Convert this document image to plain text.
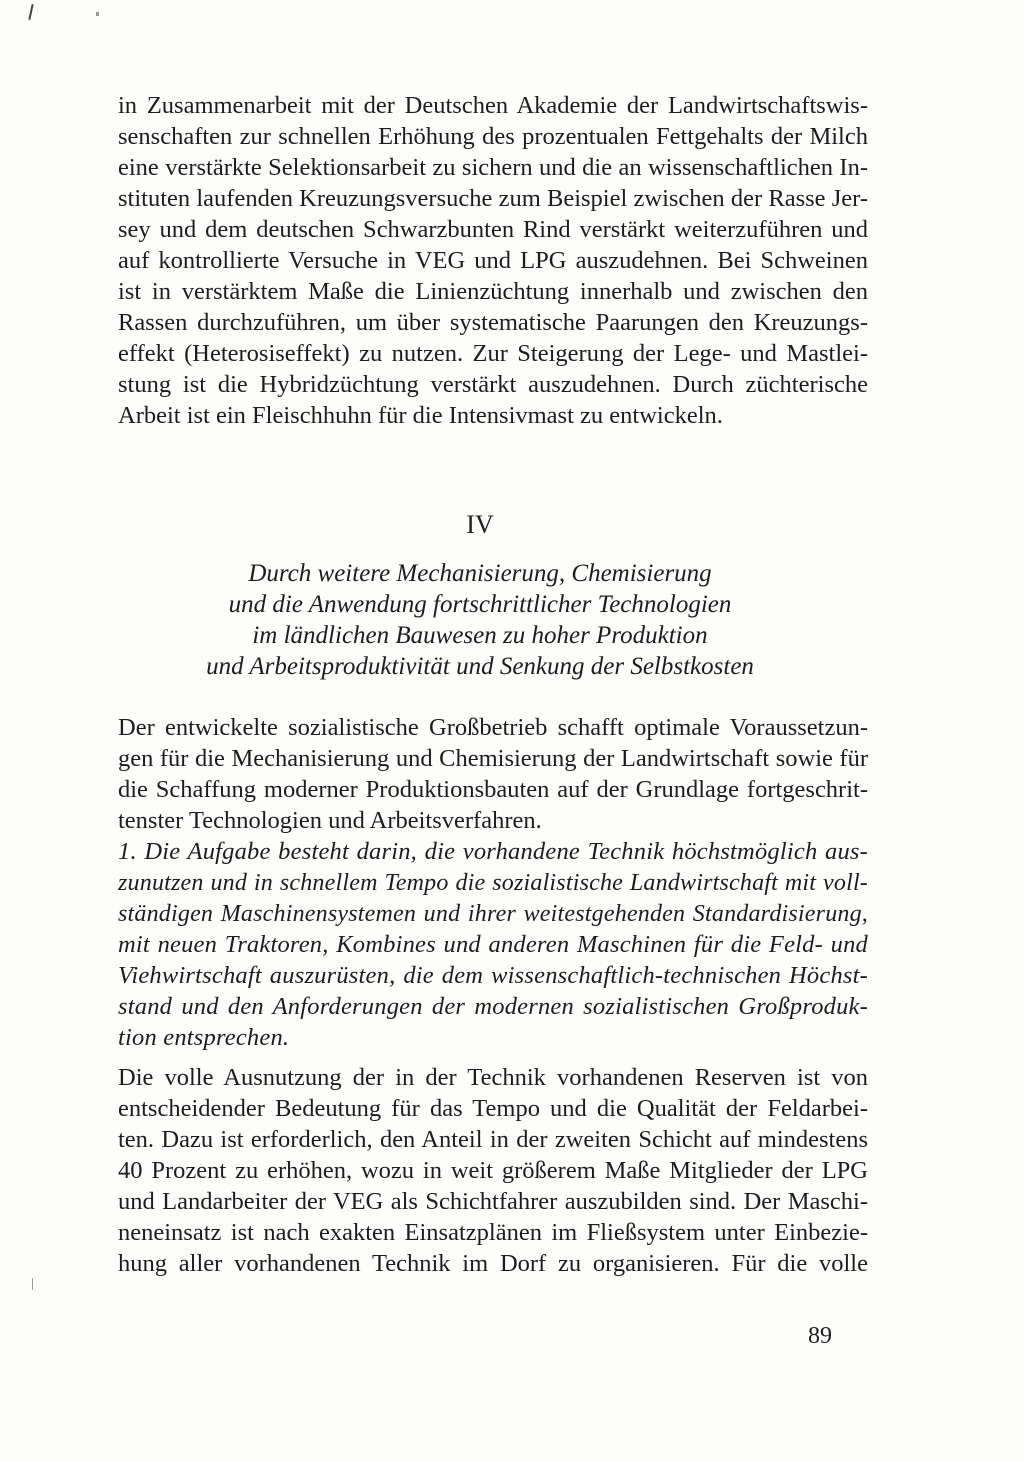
in Zusammenarbeit mit der Deutschen Akademie der Landwirtschaftswis-
senschaften zur schnellen Erhöhung des prozentualen Fettgehalts der Milch
eine verstärkte Selektionsarbeit zu sichern und die an wissenschaftlichen In-
stituten laufenden Kreuzungsversuche zum Beispiel zwischen der Rasse Jer-
sey und dem deutschen Schwarzbunten Rind verstärkt weiterzuführen und
auf kontrollierte Versuche in VEG und LPG auszudehnen. Bei Schweinen
ist in verstärktem Maße die Linienzüchtung innerhalb und zwischen den
Rassen durchzuführen, um über systematische Paarungen den Kreuzungs-
effekt (Heterosiseffekt) zu nutzen. Zur Steigerung der Lege- und Mastlei-
stung ist die Hybridzüchtung verstärkt auszudehnen. Durch züchterische
Arbeit ist ein Fleischhuhn für die Intensivmast zu entwickeln.
IV
Durch weitere Mechanisierung, Chemisierung
und die Anwendung fortschrittlicher Technologien
im ländlichen Bauwesen zu hoher Produktion
und Arbeitsproduktivität und Senkung der Selbstkosten
Der entwickelte sozialistische Großbetrieb schafft optimale Voraussetzun-
gen für die Mechanisierung und Chemisierung der Landwirtschaft sowie für
die Schaffung moderner Produktionsbauten auf der Grundlage fortgeschrit-
tenster Technologien und Arbeitsverfahren.
1. Die Aufgabe besteht darin, die vorhandene Technik höchstmöglich aus-
zunutzen und in schnellem Tempo die sozialistische Landwirtschaft mit voll-
ständigen Maschinensystemen und ihrer weitestgehenden Standardisierung,
mit neuen Traktoren, Kombines und anderen Maschinen für die Feld- und
Viehwirtschaft auszurüsten, die dem wissenschaftlich-technischen Höchst-
stand und den Anforderungen der modernen sozialistischen Großproduk-
tion entsprechen.
Die volle Ausnutzung der in der Technik vorhandenen Reserven ist von
entscheidender Bedeutung für das Tempo und die Qualität der Feldarbei-
ten. Dazu ist erforderlich, den Anteil in der zweiten Schicht auf mindestens
40 Prozent zu erhöhen, wozu in weit größerem Maße Mitglieder der LPG
und Landarbeiter der VEG als Schichtfahrer auszubilden sind. Der Maschi-
neneinsatz ist nach exakten Einsatzplänen im Fließsystem unter Einbezie-
hung aller vorhandenen Technik im Dorf zu organisieren. Für die volle
89
